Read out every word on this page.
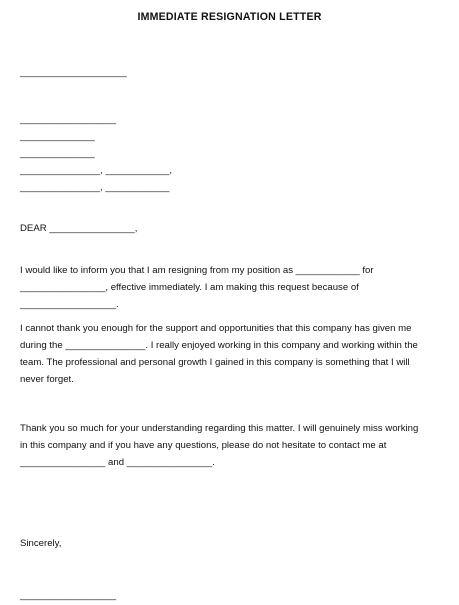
IMMEDIATE RESIGNATION LETTER
____________________
__________________
______________
______________
_______________, ____________,
_______________, ____________
DEAR ________________,
I would like to inform you that I am resigning from my position as ____________ for
________________, effective immediately. I am making this request because of
__________________.
I cannot thank you enough for the support and opportunities that this company has given me
during the _______________. I really enjoyed working in this company and working within the
team. The professional and personal growth I gained in this company is something that I will
never forget.
Thank you so much for your understanding regarding this matter. I will genuinely miss working
in this company and if you have any questions, please do not hesitate to contact me at
________________ and ________________.
Sincerely,
__________________
